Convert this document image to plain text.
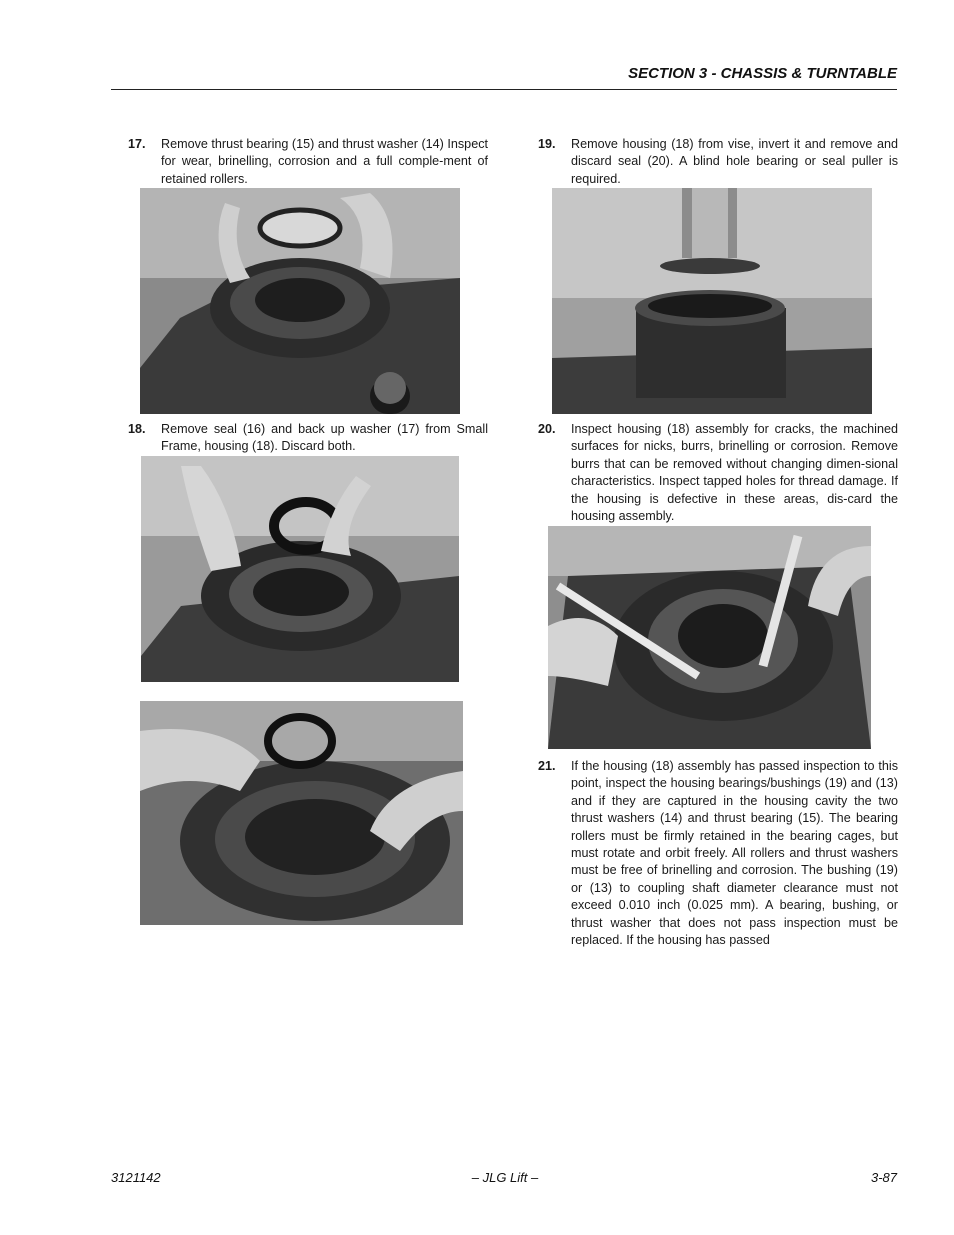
SECTION 3 - CHASSIS & TURNTABLE
17. Remove thrust bearing (15) and thrust washer (14) Inspect for wear, brinelling, corrosion and a full comple-ment of retained rollers.
18. Remove seal (16) and back up washer (17) from Small Frame, housing (18). Discard both.
19. Remove housing (18) from vise, invert it and remove and discard seal (20). A blind hole bearing or seal puller is required.
20. Inspect housing (18) assembly for cracks, the machined surfaces for nicks, burrs, brinelling or corrosion. Remove burrs that can be removed without changing dimen-sional characteristics. Inspect tapped holes for thread damage. If the housing is defective in these areas, dis-card the housing assembly.
21. If the housing (18) assembly has passed inspection to this point, inspect the housing bearings/bushings (19) and (13) and if they are captured in the housing cavity the two thrust washers (14) and thrust bearing (15). The bearing rollers must be firmly retained in the bearing cages, but must rotate and orbit freely. All rollers and thrust washers must be free of brinelling and corrosion. The bushing (19) or (13) to coupling shaft diameter clearance must not exceed 0.010 inch (0.025 mm). A bearing, bushing, or thrust washer that does not pass inspection must be replaced. If the housing has passed
3121142	– JLG Lift –	3-87
